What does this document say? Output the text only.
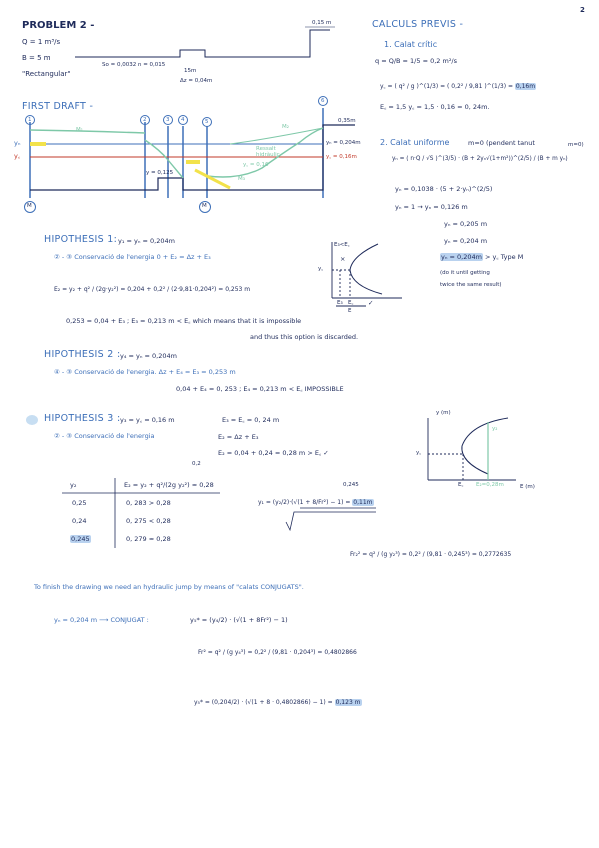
2
PROBLEM 2 -
Q = 1 m³/s
B = 5 m
"Rectangular"
So = 0,0032 n = 0,015
15m
Δz = 0,04m
0,15 m
FIRST DRAFT -
1	2	3 4	5
6
yₙ
y꜀
M₁	M₂
M₃
yₙ = 0,204m
y꜀ = 0,16m
0,35m
Ressalt hidràulic
y꜀ = 0,16
y = 0,125
M	M
CALCULS PREVIS -
1. Calat crític
q = Q/B = 1/5 = 0,2 m²/s
y꜀ = ( q² / g )^(1/3) = ( 0,2² / 9,81 )^(1/3) = 0,16m
E꜀ = 1,5 y꜀ = 1,5 · 0,16 = 0, 24m.
2. Calat uniforme	m=0 (pendent tanut	m=0)
yₙ = ( n·Q / √S )^(3/5) · (B + 2yₙ√(1+m²))^(2/5) / (B + m yₙ)
yₙ = 0,1038 · (5 + 2·yₙ)^(2/5)
yₙ = 1 → yₙ = 0,126 m
yₙ = 0,205 m
yₙ = 0,204 m
yₙ = 0,204m > y꜀ Type M
(do it until getting
twice the same result)
HIPOTHESIS 1: y₁ = yₙ = 0,204m
② - ③ Conservació de l'energia 0 + E₂ = Δz + E₃
E₂ = y₂ + q² / (2g·y₂²) = 0,204 + 0,2² / (2·9,81·0,204²) = 0,253 m
0,253 = 0,04 + E₃ ; E₃ = 0,213 m < E꜀ which means that it is impossible
and thus this option is discarded.
E₃<E꜀
y꜀
E₃ E꜀
×
✓
E
HIPOTHESIS 2 : y₄ = yₙ = 0,204m
④ - ③ Conservació de l'energia. Δz + E₄ = E₃ = 0,253 m
0,04 + E₄ = 0, 253 ; E₄ = 0,213 m < E꜀ IMPOSSIBLE
HIPOTHESIS 3 : y₃ = y꜀ = 0,16 m	E₃ = E꜀ = 0, 24 m
② - ③ Conservació de l'energia	E₂ = Δz + E₃
E₂ = 0,04 + 0,24 = 0,28 m > E꜀ ✓
0,2
y₂	E₂ = y₂ + q²/(2g y₂²) ≈ 0,28
0,25	0, 283 > 0,28
0,24	0, 275 < 0,28
0,245	0, 279 ≈ 0,28
0,245
y₁ = (y₂/2)·(√(1 + 8/Fr²) − 1) = 0,11m
Fr₂² = q² / (g y₂³) = 0,2² / (9,81 · 0,245³) = 0,2772635
y (m)
y꜀
E꜀ E₂=0,28m
y₂
E (m)
To finish the drawing we need an hydraulic jump by means of "calats CONJUGATS".
yₙ = 0,204 m ⟶ CONJUGAT :	y₅* = (y₄/2) · (√(1 + 8Fr²) − 1)
Fr² = q² / (g y₄³) = 0,2² / (9,81 · 0,204³) = 0,4802866
y₅* = (0,204/2) · (√(1 + 8 · 0,4802866) − 1) = 0,123 m
